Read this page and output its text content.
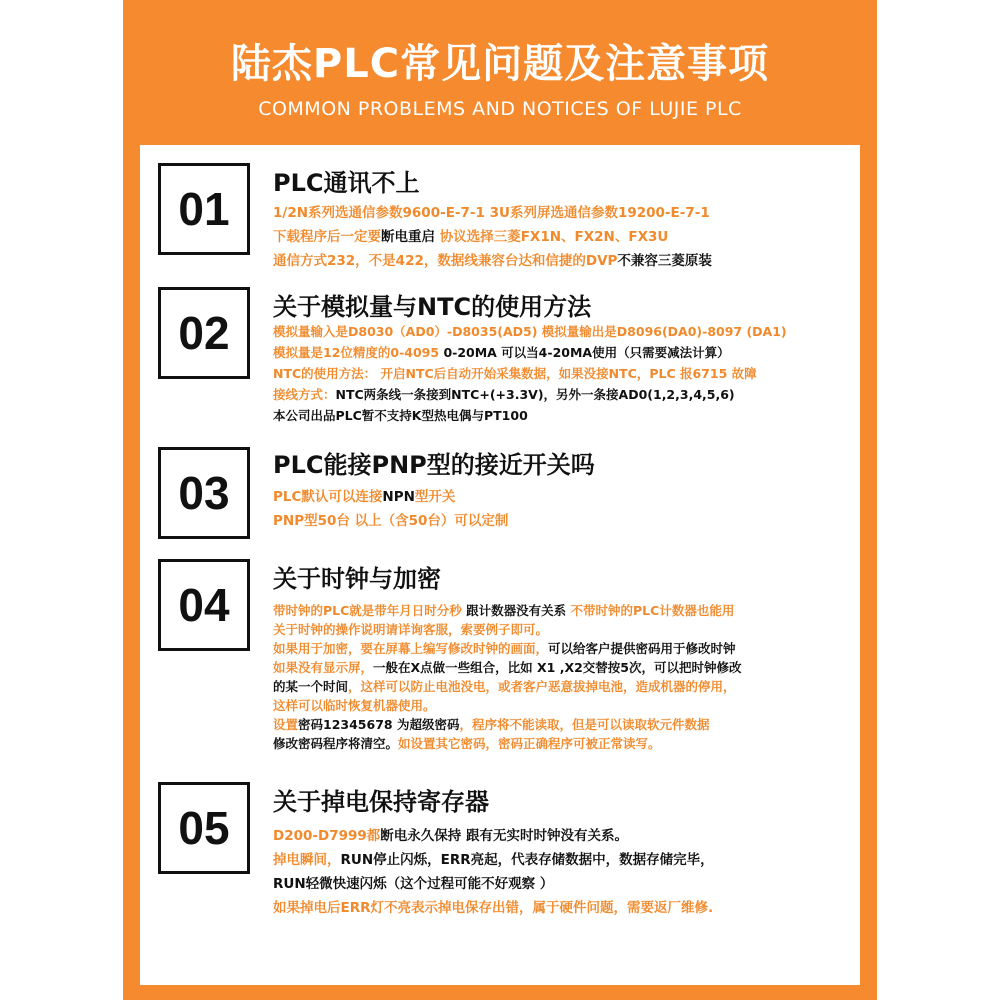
陆杰PLC常见问题及注意事项
COMMON PROBLEMS AND NOTICES OF LUJIE PLC
01	PLC通讯不上
1/2N系列选通信参数9600-E-7-1 3U系列屏选通信参数19200-E-7-1
下载程序后一定要断电重启 协议选择三菱FX1N、FX2N、FX3U
通信方式232，不是422，数据线兼容台达和信捷的DVP不兼容三菱原装
02	关于模拟量与NTC的使用方法
模拟量输入是D8030（AD0）-D8035(AD5) 模拟量输出是D8096(DA0)-8097 (DA1)
模拟量是12位精度的0-4095 0-20MA 可以当4-20MA使用（只需要减法计算）
NTC的使用方法： 开启NTC后自动开始采集数据，如果没接NTC，PLC 报6715 故障
接线方式：NTC两条线一条接到NTC+(+3.3V)，另外一条接AD0(1,2,3,4,5,6)
本公司出品PLC暂不支持K型热电偶与PT100
03
PLC能接PNP型的接近开关吗
PLC默认可以连接NPN型开关
PNP型50台 以上（含50台）可以定制
04	关于时钟与加密
带时钟的PLC就是带年月日时分秒 跟计数器没有关系 不带时钟的PLC计数器也能用
关于时钟的操作说明请详询客服，索要例子即可。
如果用于加密，要在屏幕上编写修改时钟的画面，可以给客户提供密码用于修改时钟
如果没有显示屏，一般在X点做一些组合，比如 X1 ,X2交替按5次，可以把时钟修改
的某一个时间，这样可以防止电池没电，或者客户恶意拔掉电池，造成机器的停用，
这样可以临时恢复机器使用。
设置密码12345678 为超级密码，程序将不能读取，但是可以读取软元件数据
修改密码程序将清空。如设置其它密码，密码正确程序可被正常读写。
05	关于掉电保持寄存器
D200-D7999都断电永久保持 跟有无实时时钟没有关系。
掉电瞬间，RUN停止闪烁，ERR亮起，代表存储数据中，数据存储完毕，
RUN轻微快速闪烁（这个过程可能不好观察 ）
如果掉电后ERR灯不亮表示掉电保存出错，属于硬件问题，需要返厂维修.
